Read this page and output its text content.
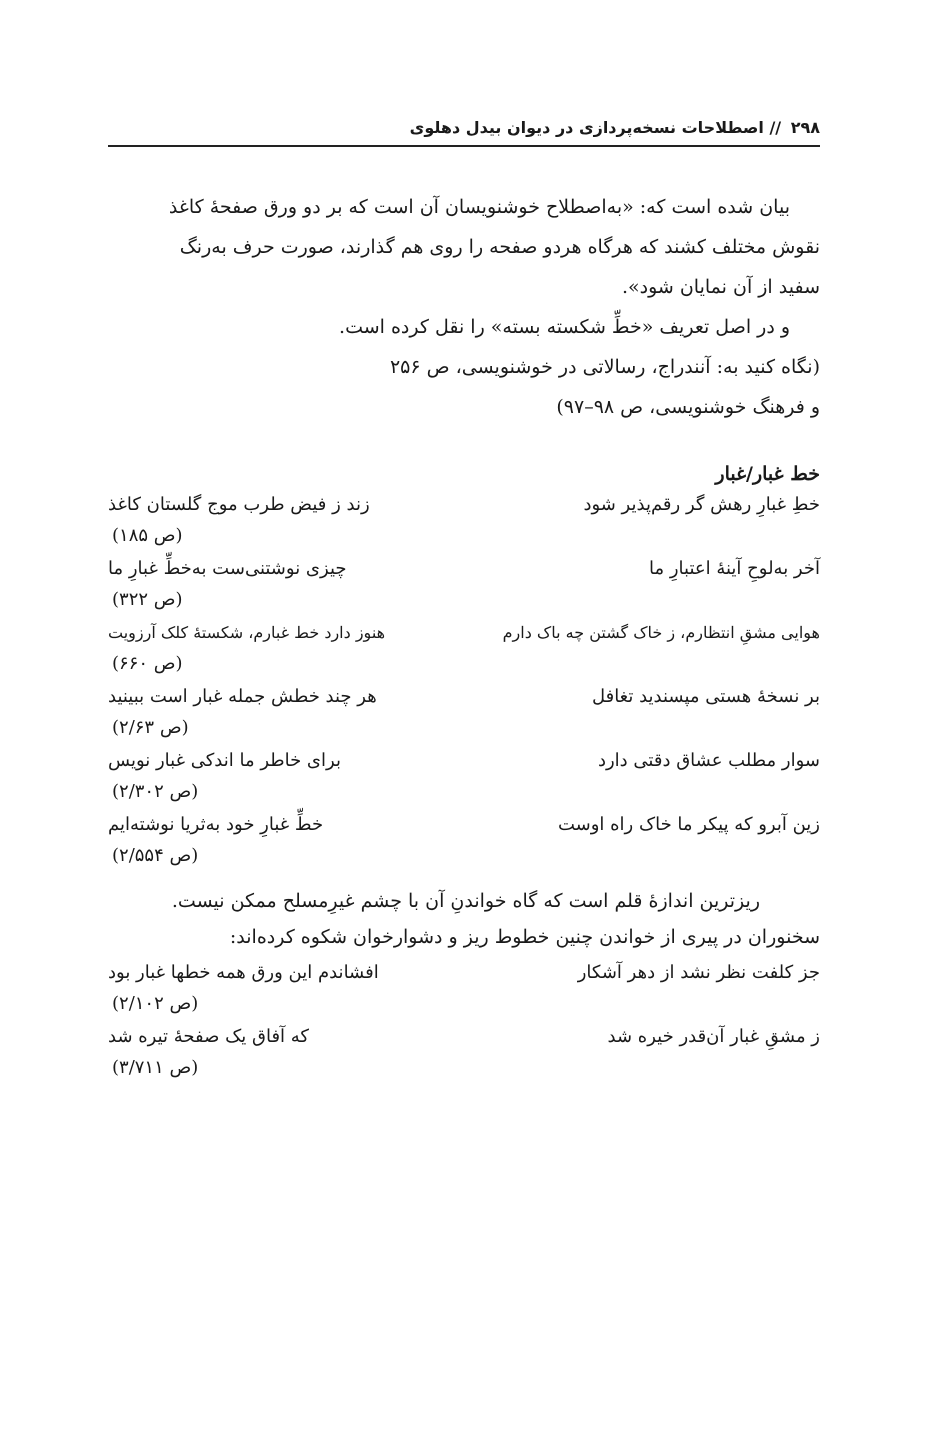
۲۹۸ // اصطلاحات نسخه‌پردازی در دیوان بیدل دهلوی
بیان شده است که: «به‌اصطلاح خوشنویسان آن است که بر دو ورق صفحهٔ کاغذ
نقوش مختلف کشند که هرگاه هردو صفحه را روی هم گذارند، صورت حرف به‌رنگ
سفید از آن نمایان شود».
و در اصل تعریف «خطِّ شکسته بسته» را نقل کرده است.
(نگاه کنید به: آنندراج، رسالاتی در خوشنویسی، ص ۲۵۶
و فرهنگ خوشنویسی، ص ۹۸–۹۷)
خط غبار/غبار
خطِ غبارِ رهش گر رقم‌پذیر شود
زند ز فیض طرب موج گلستان کاغذ
(ص ۱۸۵)
آخر به‌لوحِ آینهٔ اعتبارِ ما
چیزی نوشتنی‌ست به‌خطِّ غبارِ ما
(ص ۳۲۲)
هوایی مشقِ انتظارم، ز خاک گشتن چه باک دارم
هنوز دارد خط غبارم، شکستهٔ کلک آرزویت
(ص ۶۶۰)
بر نسخهٔ هستی مپسندید تغافل
هر چند خطش جمله غبار است ببینید
(ص ۲/۶۳)
سوار مطلب عشاق دقتی دارد
برای خاطر ما اندکی غبار نویس
(ص ۲/۳۰۲)
زین آبرو که پیکر ما خاک راه اوست
خطِّ غبارِ خود به‌ثریا نوشته‌ایم
(ص ۲/۵۵۴)
ریزترین اندازهٔ قلم است که گاه خواندنِ آن با چشم غیرِمسلح ممکن نیست.
سخنوران در پیری از خواندن چنین خطوط ریز و دشوارخوان شکوه کرده‌اند:
جز کلفت نظر نشد از دهر آشکار
افشاندم این ورق همه خطها غبار بود
(ص ۲/۱۰۲)
ز مشقِ غبار آن‌قدر خیره شد
که آفاق یک صفحهٔ تیره شد
(ص ۳/۷۱۱)
